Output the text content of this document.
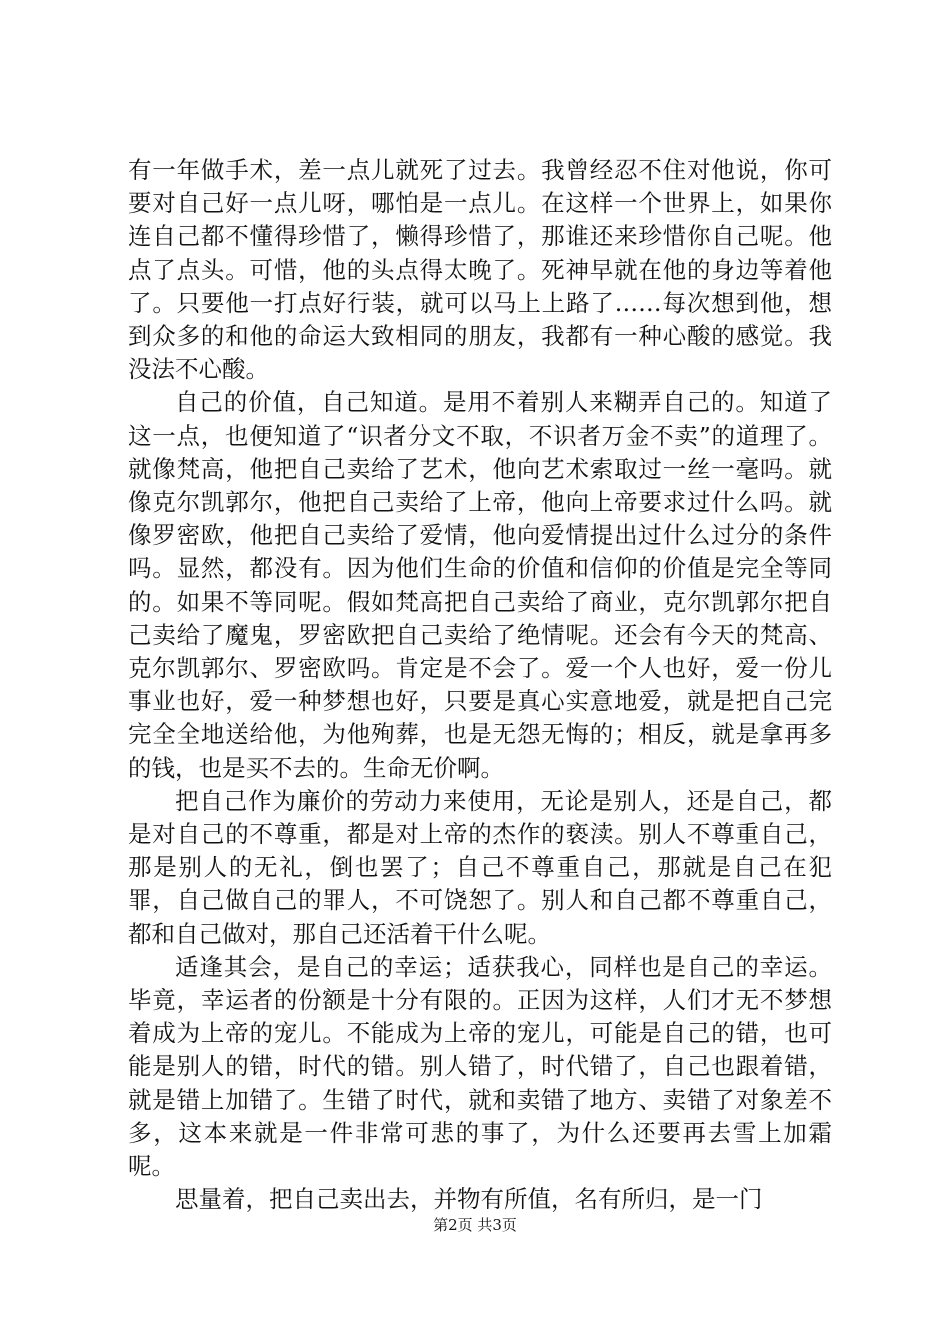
有一年做手术，差一点儿就死了过去。我曾经忍不住对他说，你可要对自己好一点儿呀，哪怕是一点儿。在这样一个世界上，如果你连自己都不懂得珍惜了，懒得珍惜了，那谁还来珍惜你自己呢。他点了点头。可惜，他的头点得太晚了。死神早就在他的身边等着他了。只要他一打点好行装，就可以马上上路了……每次想到他，想到众多的和他的命运大致相同的朋友，我都有一种心酸的感觉。我没法不心酸。

自己的价值，自己知道。是用不着别人来糊弄自己的。知道了这一点，也便知道了“识者分文不取，不识者万金不卖”的道理了。就像梵高，他把自己卖给了艺术，他向艺术索取过一丝一毫吗。就像克尔凯郭尔，他把自己卖给了上帝，他向上帝要求过什么吗。就像罗密欧，他把自己卖给了爱情，他向爱情提出过什么过分的条件吗。显然，都没有。因为他们生命的价值和信仰的价值是完全等同的。如果不等同呢。假如梵高把自己卖给了商业，克尔凯郭尔把自己卖给了魔鬼，罗密欧把自己卖给了绝情呢。还会有今天的梵高、克尔凯郭尔、罗密欧吗。肯定是不会了。爱一个人也好，爱一份儿事业也好，爱一种梦想也好，只要是真心实意地爱，就是把自己完完全全地送给他，为他殉葬，也是无怨无悔的；相反，就是拿再多的钱，也是买不去的。生命无价啊。

把自己作为廉价的劳动力来使用，无论是别人，还是自己，都是对自己的不尊重，都是对上帝的杰作的亵渎。别人不尊重自己，那是别人的无礼，倒也罢了；自己不尊重自己，那就是自己在犯罪，自己做自己的罪人，不可饶恕了。别人和自己都不尊重自己，都和自己做对，那自己还活着干什么呢。

适逢其会，是自己的幸运；适获我心，同样也是自己的幸运。毕竟，幸运者的份额是十分有限的。正因为这样，人们才无不梦想着成为上帝的宠儿。不能成为上帝的宠儿，可能是自己的错，也可能是别人的错，时代的错。别人错了，时代错了，自己也跟着错，就是错上加错了。生错了时代，就和卖错了地方、卖错了对象差不多，这本来就是一件非常可悲的事了，为什么还要再去雪上加霜呢。

思量着，把自己卖出去，并物有所值，名有所归，是一门

第2页 共3页
